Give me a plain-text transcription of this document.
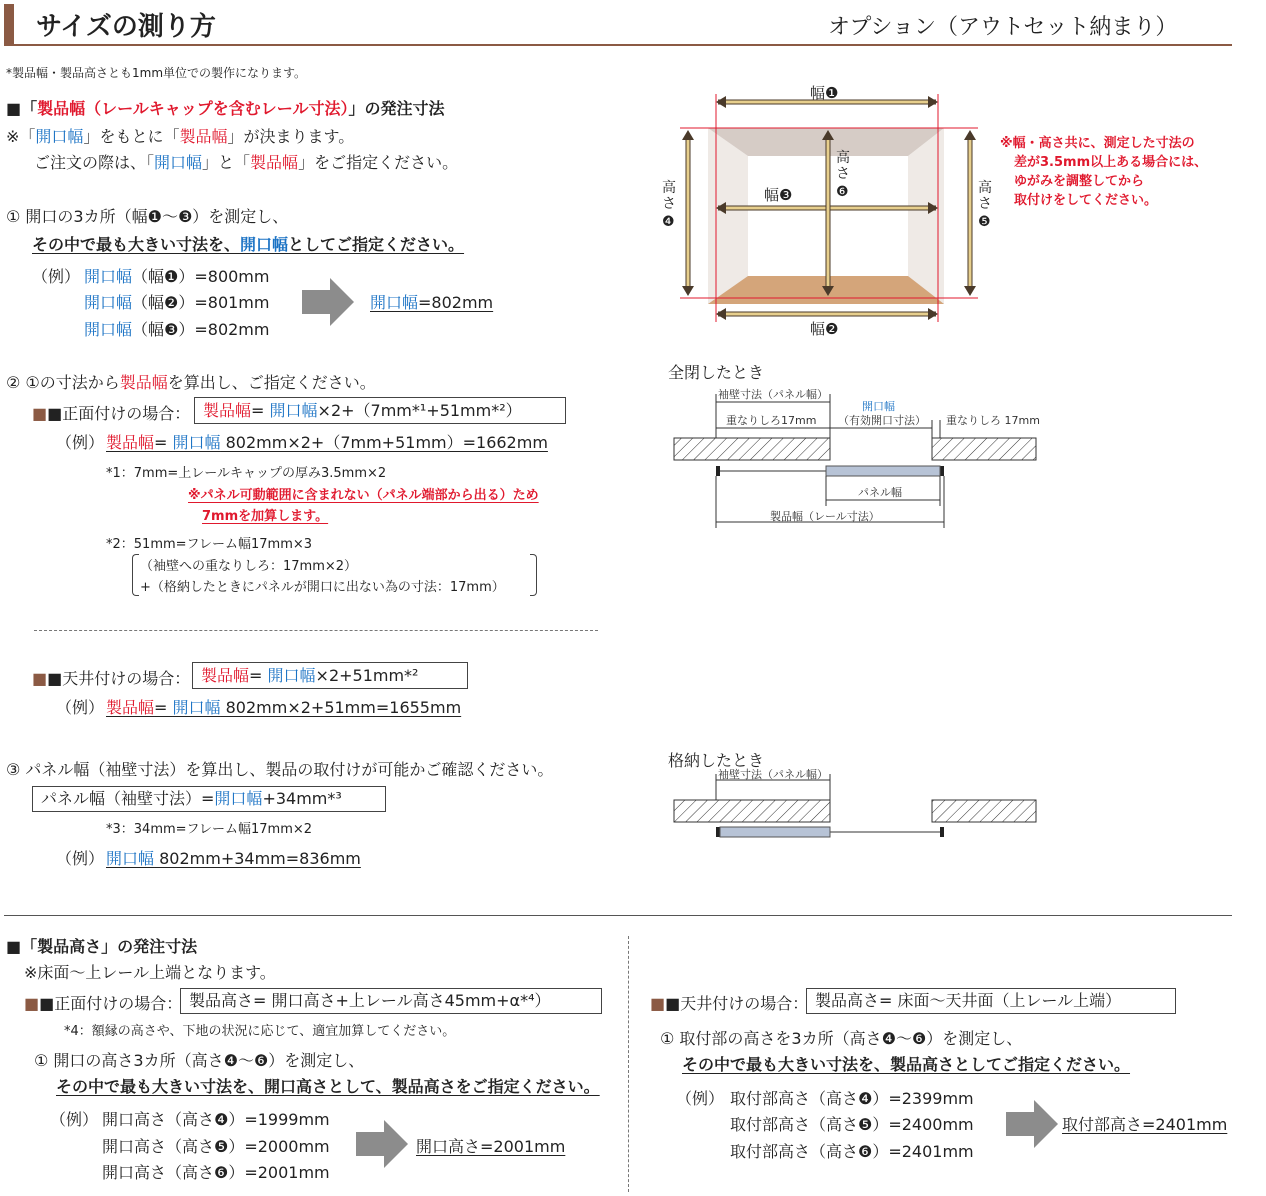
サイズの測り方	オプション（アウトセット納まり）
*製品幅・製品高さとも1mm単位での製作になります。
■「製品幅（レールキャップを含むレール寸法）」の発注寸法
※「開口幅」をもとに「製品幅」が決まります。
ご注文の際は、「開口幅」と「製品幅」をご指定ください。
① 開口の3カ所（幅❶〜❸）を測定し、
その中で最も大きい寸法を、開口幅としてご指定ください。
（例） 開口幅（幅❶）=800mm
開口幅（幅❷）=801mm
開口幅（幅❸）=802mm
開口幅=802mm
② ①の寸法から製品幅を算出し、ご指定ください。
■■正面付けの場合： 製品幅= 開口幅×2+（7mm*¹+51mm*²）
（例） 製品幅= 開口幅 802mm×2+（7mm+51mm）=1662mm
*1：7mm=上レールキャップの厚み3.5mm×2
※パネル可動範囲に含まれない（パネル端部から出る）ため
7mmを加算します。
*2：51mm=フレーム幅17mm×3
（袖壁への重なりしろ：17mm×2）
+（格納したときにパネルが開口に出ない為の寸法：17mm）
■■天井付けの場合： 製品幅= 開口幅×2+51mm*²
（例） 製品幅= 開口幅 802mm×2+51mm=1655mm
③ パネル幅（袖壁寸法）を算出し、製品の取付けが可能かご確認ください。
パネル幅（袖壁寸法）=開口幅+34mm*³
*3：34mm=フレーム幅17mm×2
（例） 開口幅 802mm+34mm=836mm
幅❶
幅❸
幅❷
高
さ
❹
高
さ
❺
高
さ
❻
※幅・高さ共に、測定した寸法の
差が3.5mm以上ある場合には、
ゆがみを調整してから
取付けをしてください。
全閉したとき
袖壁寸法（パネル幅）
開口幅
（有効開口寸法）
重なりしろ17mm	重なりしろ 17mm
パネル幅
製品幅（レール寸法）
格納したとき
袖壁寸法（パネル幅）
■「製品高さ」の発注寸法
※床面〜上レール上端となります。
■■正面付けの場合： 製品高さ= 開口高さ+上レール高さ45mm+α*⁴）
*4：額縁の高さや、下地の状況に応じて、適宜加算してください。
① 開口の高さ3カ所（高さ❹〜❻）を測定し、
その中で最も大きい寸法を、開口高さとして、製品高さをご指定ください。
（例） 開口高さ（高さ❹）=1999mm
開口高さ（高さ❺）=2000mm
開口高さ（高さ❻）=2001mm
開口高さ=2001mm
■■天井付けの場合： 製品高さ= 床面〜天井面（上レール上端）
① 取付部の高さを3カ所（高さ❹〜❻）を測定し、
その中で最も大きい寸法を、製品高さとしてご指定ください。
（例） 取付部高さ（高さ❹）=2399mm
取付部高さ（高さ❺）=2400mm
取付部高さ（高さ❻）=2401mm
取付部高さ=2401mm
